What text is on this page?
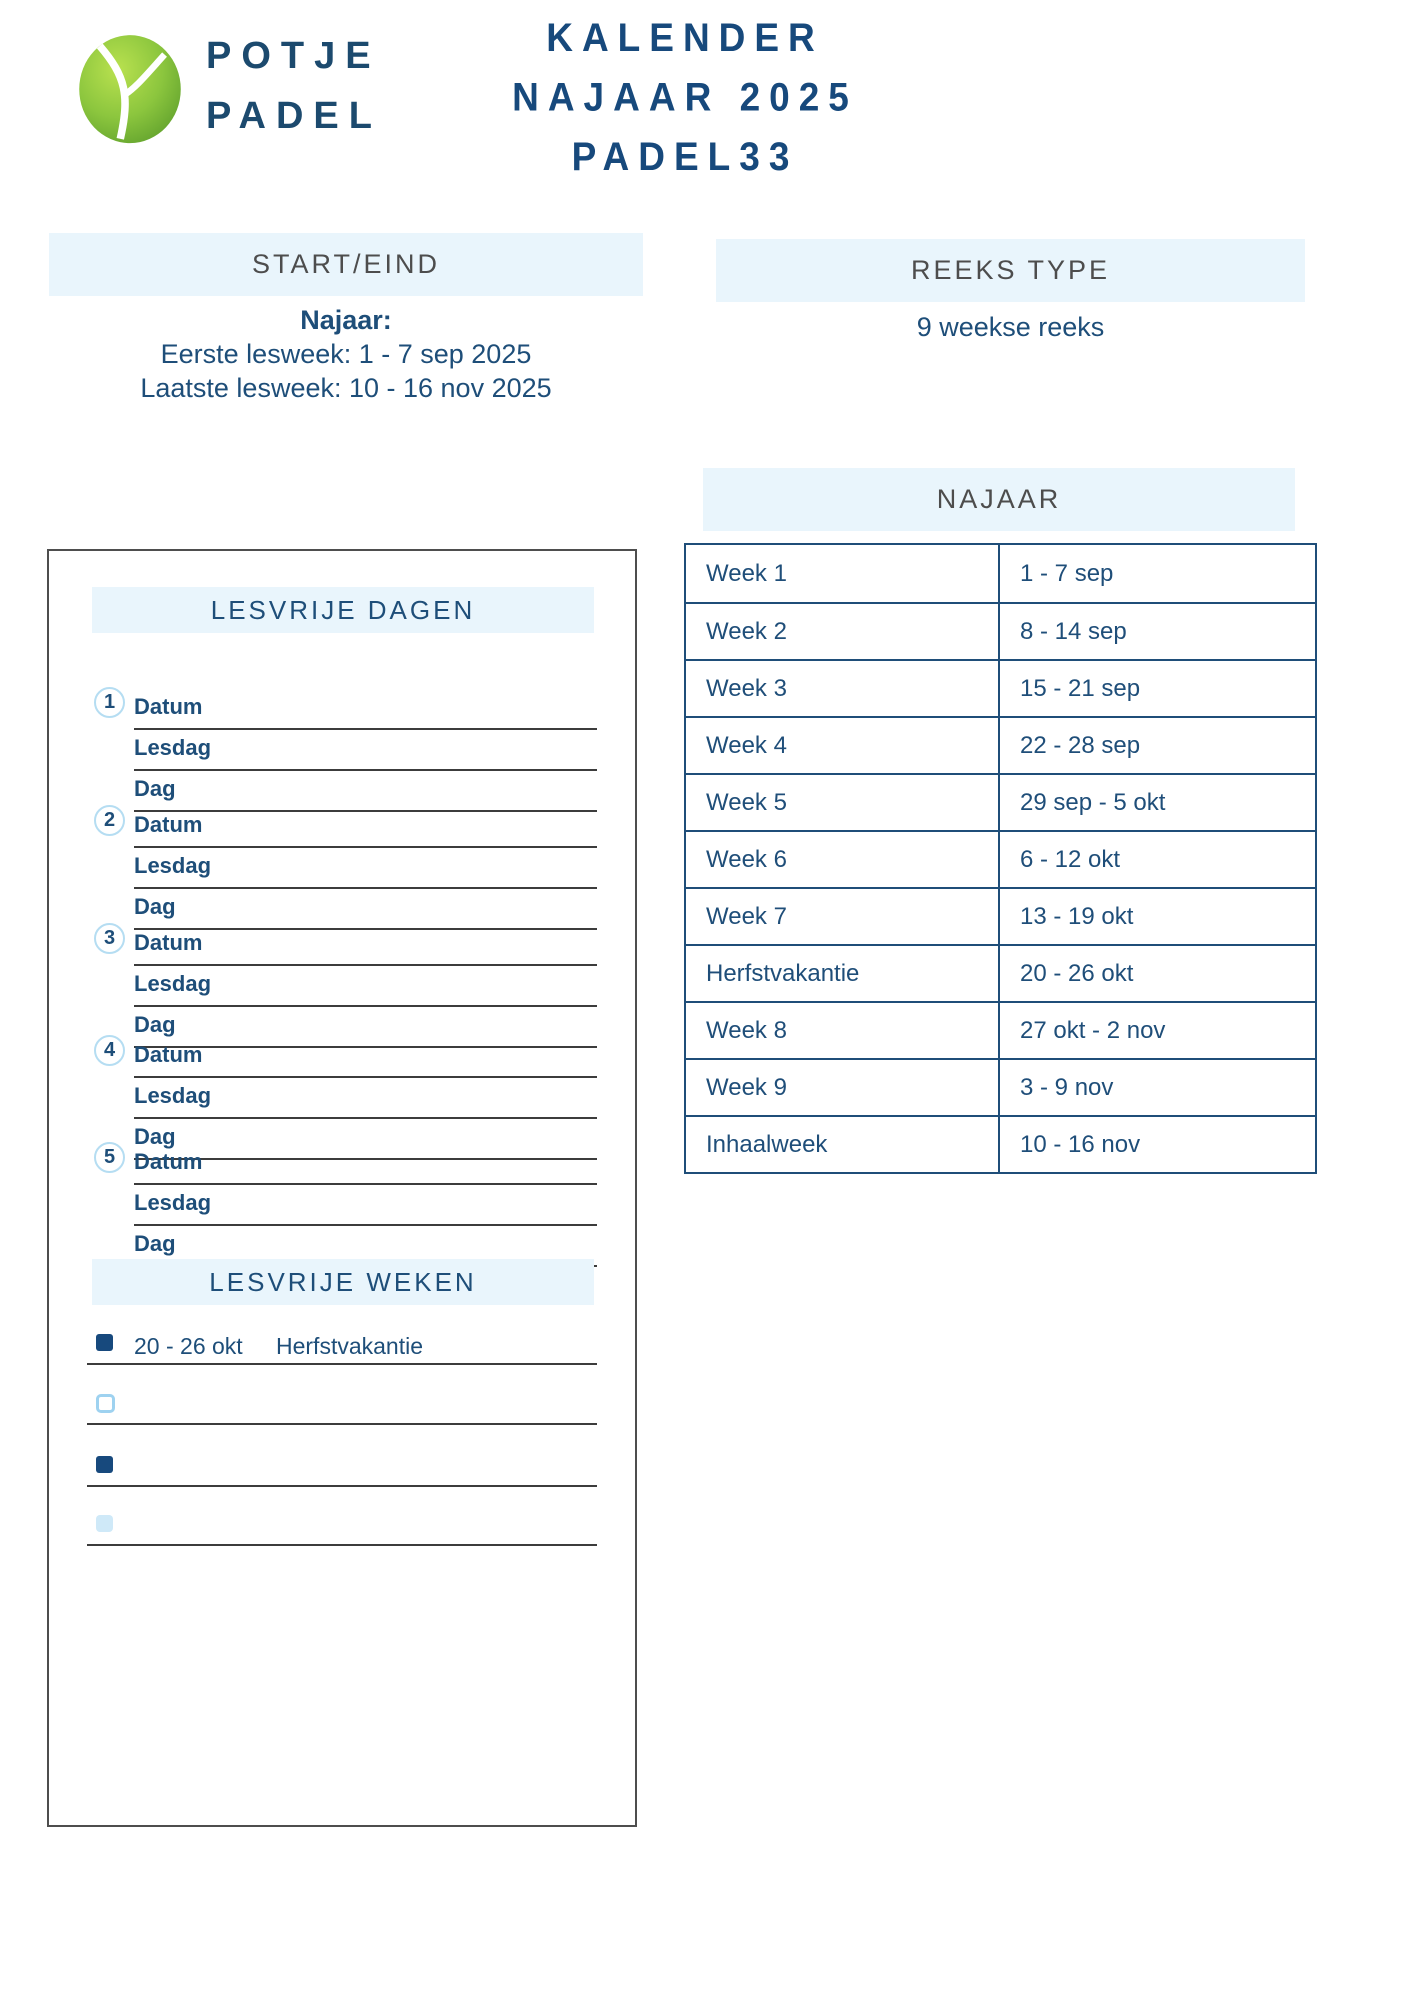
POTJE
PADEL
KALENDER
NAJAAR 2025
PADEL33
START/EIND
Najaar:
Eerste lesweek: 1 - 7 sep 2025
Laatste lesweek: 10 - 16 nov 2025
REEKS TYPE
9 weekse reeks
NAJAAR
Week 1	1 - 7 sep
Week 2	8 - 14 sep
Week 3	15 - 21 sep
Week 4	22 - 28 sep
Week 5	29 sep - 5 okt
Week 6	6 - 12 okt
Week 7	13 - 19 okt
Herfstvakantie	20 - 26 okt
Week 8	27 okt - 2 nov
Week 9	3 - 9 nov
Inhaalweek	10 - 16 nov
LESVRIJE DAGEN
1 Datum
Lesdag
Dag
2 Datum
Lesdag
Dag
3 Datum
Lesdag
Dag
4 Datum
Lesdag
Dag
5 Datum
Lesdag
Dag
LESVRIJE WEKEN
20 - 26 okt Herfstvakantie
